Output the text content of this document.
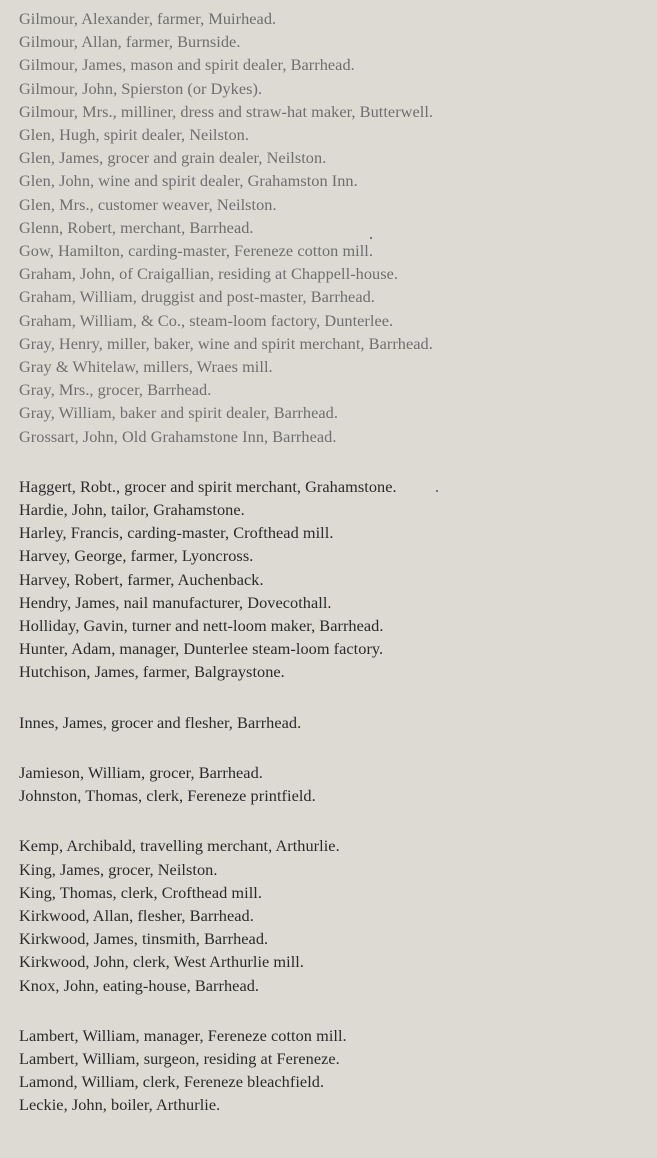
Gilmour, Alexander, farmer, Muirhead.
Gilmour, Allan, farmer, Burnside.
Gilmour, James, mason and spirit dealer, Barrhead.
Gilmour, John, Spierston (or Dykes).
Gilmour, Mrs., milliner, dress and straw-hat maker, Butterwell.
Glen, Hugh, spirit dealer, Neilston.
Glen, James, grocer and grain dealer, Neilston.
Glen, John, wine and spirit dealer, Grahamston Inn.
Glen, Mrs., customer weaver, Neilston.
Glenn, Robert, merchant, Barrhead.
Gow, Hamilton, carding-master, Fereneze cotton mill.
Graham, John, of Craigallian, residing at Chappell-house.
Graham, William, druggist and post-master, Barrhead.
Graham, William, & Co., steam-loom factory, Dunterlee.
Gray, Henry, miller, baker, wine and spirit merchant, Barrhead.
Gray & Whitelaw, millers, Wraes mill.
Gray, Mrs., grocer, Barrhead.
Gray, William, baker and spirit dealer, Barrhead.
Grossart, John, Old Grahamstone Inn, Barrhead.
Haggert, Robt., grocer and spirit merchant, Grahamstone.
Hardie, John, tailor, Grahamstone.
Harley, Francis, carding-master, Crofthead mill.
Harvey, George, farmer, Lyoncross.
Harvey, Robert, farmer, Auchenback.
Hendry, James, nail manufacturer, Dovecothall.
Holliday, Gavin, turner and nett-loom maker, Barrhead.
Hunter, Adam, manager, Dunterlee steam-loom factory.
Hutchison, James, farmer, Balgraystone.
Innes, James, grocer and flesher, Barrhead.
Jamieson, William, grocer, Barrhead.
Johnston, Thomas, clerk, Fereneze printfield.
Kemp, Archibald, travelling merchant, Arthurlie.
King, James, grocer, Neilston.
King, Thomas, clerk, Crofthead mill.
Kirkwood, Allan, flesher, Barrhead.
Kirkwood, James, tinsmith, Barrhead.
Kirkwood, John, clerk, West Arthurlie mill.
Knox, John, eating-house, Barrhead.
Lambert, William, manager, Fereneze cotton mill.
Lambert, William, surgeon, residing at Fereneze.
Lamond, William, clerk, Fereneze bleachfield.
Leckie, John, boiler, Arthurlie.
